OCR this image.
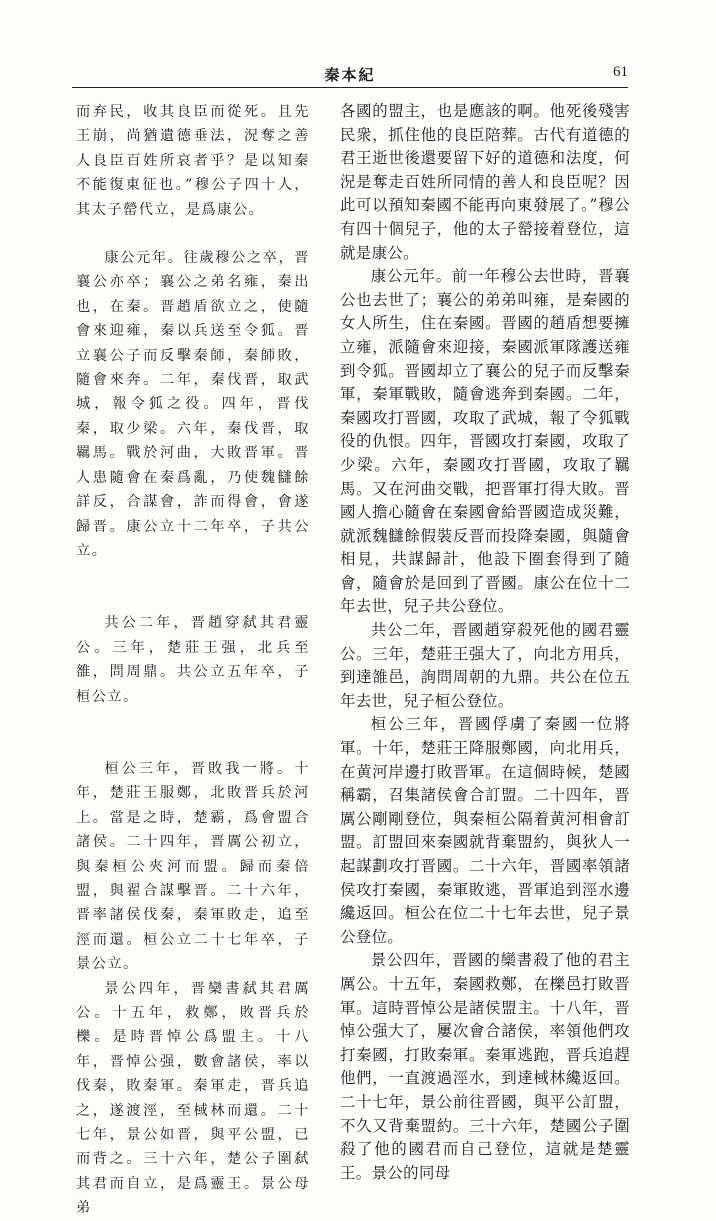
秦本紀	61

而弃民，收其良臣而從死。且先王崩，尚猶遺德垂法，況奪之善人良臣百姓所哀者乎？是以知秦不能復東征也。”穆公子四十人，其太子罃代立，是爲康公。

康公元年。往歲穆公之卒，晋襄公亦卒；襄公之弟名雍，秦出也，在秦。晋趙盾欲立之，使隨會來迎雍，秦以兵送至令狐。晋立襄公子而反擊秦師，秦師敗，隨會來奔。二年，秦伐晋，取武城，報令狐之役。四年，晋伐秦，取少梁。六年，秦伐晋，取羈馬。戰於河曲，大敗晋軍。晋人患隨會在秦爲亂，乃使魏讎餘詳反，合謀會，詐而得會，會遂歸晋。康公立十二年卒，子共公立。

共公二年，晋趙穿弑其君靈公。三年，楚莊王强，北兵至雒，問周鼎。共公立五年卒，子桓公立。

桓公三年，晋敗我一將。十年，楚莊王服鄭，北敗晋兵於河上。當是之時，楚霸，爲會盟合諸侯。二十四年，晋厲公初立，與秦桓公夾河而盟。歸而秦倍盟，與翟合謀擊晋。二十六年，晋率諸侯伐秦，秦軍敗走，追至涇而還。桓公立二十七年卒，子景公立。

景公四年，晋欒書弑其君厲公。十五年，救鄭，敗晋兵於櫟。是時晋悼公爲盟主。十八年，晋悼公强，數會諸侯，率以伐秦，敗秦軍。秦軍走，晋兵追之，遂渡涇，至棫林而還。二十七年，景公如晋，與平公盟，已而背之。三十六年，楚公子圍弑其君而自立，是爲靈王。景公母弟

各國的盟主，也是應該的啊。他死後殘害民衆，抓住他的良臣陪葬。古代有道德的君王逝世後還要留下好的道德和法度，何況是奪走百姓所同情的善人和良臣呢？因此可以預知秦國不能再向東發展了。”穆公有四十個兒子，他的太子罃接着登位，這就是康公。

康公元年。前一年穆公去世時，晋襄公也去世了；襄公的弟弟叫雍，是秦國的女人所生，住在秦國。晋國的趙盾想要擁立雍，派隨會來迎接，秦國派軍隊護送雍到令狐。晋國却立了襄公的兒子而反擊秦軍，秦軍戰敗，隨會逃奔到秦國。二年，秦國攻打晋國，攻取了武城，報了令狐戰役的仇恨。四年，晋國攻打秦國，攻取了少梁。六年，秦國攻打晋國，攻取了羈馬。又在河曲交戰，把晋軍打得大敗。晋國人擔心隨會在秦國會給晋國造成災難，就派魏讎餘假裝反晋而投降秦國，與隨會相見，共謀歸計，他設下圈套得到了隨會，隨會於是回到了晋國。康公在位十二年去世，兒子共公登位。

共公二年，晋國趙穿殺死他的國君靈公。三年，楚莊王强大了，向北方用兵，到達雒邑，詢問周朝的九鼎。共公在位五年去世，兒子桓公登位。

桓公三年，晋國俘虜了秦國一位將軍。十年，楚莊王降服鄭國，向北用兵，在黄河岸邊打敗晋軍。在這個時候，楚國稱霸，召集諸侯會合訂盟。二十四年，晋厲公剛剛登位，與秦桓公隔着黄河相會訂盟。訂盟回來秦國就背棄盟約，與狄人一起謀劃攻打晋國。二十六年，晋國率領諸侯攻打秦國，秦軍敗逃，晋軍追到涇水邊纔返回。桓公在位二十七年去世，兒子景公登位。

景公四年，晋國的欒書殺了他的君主厲公。十五年，秦國救鄭，在櫟邑打敗晋軍。這時晋悼公是諸侯盟主。十八年，晋悼公强大了，屢次會合諸侯，率領他們攻打秦國，打敗秦軍。秦軍逃跑，晋兵追趕他們，一直渡過涇水，到達棫林纔返回。二十七年，景公前往晋國，與平公訂盟，不久又背棄盟約。三十六年，楚國公子圍殺了他的國君而自己登位，這就是楚靈王。景公的同母
